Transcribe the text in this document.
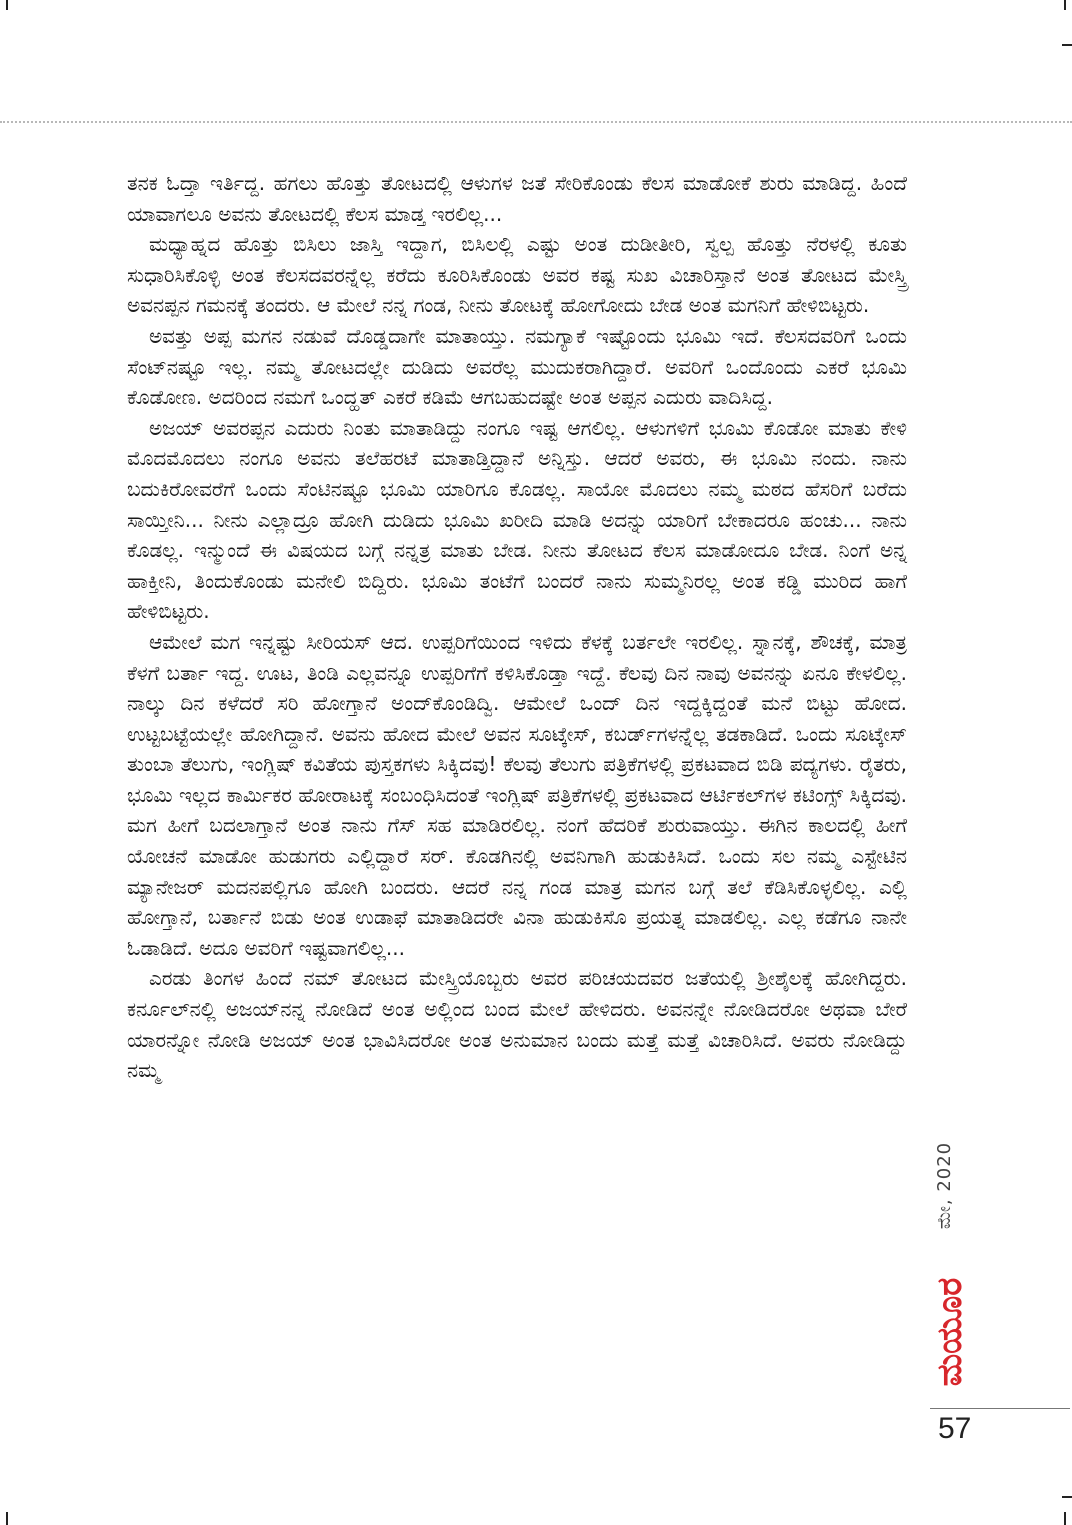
ತನಕ ಓದ್ತಾ ಇರ್ತಿದ್ದ. ಹಗಲು ಹೊತ್ತು ತೋಟದಲ್ಲಿ ಆಳುಗಳ ಜತೆ ಸೇರಿಕೊಂಡು ಕೆಲಸ ಮಾಡೋಕೆ ಶುರು ಮಾಡಿದ್ದ. ಹಿಂದೆ ಯಾವಾಗಲೂ ಅವನು ತೋಟದಲ್ಲಿ ಕೆಲಸ ಮಾಡ್ತ ಇರಲಿಲ್ಲ...

ಮಧ್ಯಾಹ್ನದ ಹೊತ್ತು ಬಿಸಿಲು ಜಾಸ್ತಿ ಇದ್ದಾಗ, ಬಿಸಿಲಲ್ಲಿ ಎಷ್ಟು ಅಂತ ದುಡೀತೀರಿ, ಸ್ವಲ್ಪ ಹೊತ್ತು ನೆರಳಲ್ಲಿ ಕೂತು ಸುಧಾರಿಸಿಕೊಳ್ಳಿ ಅಂತ ಕೆಲಸದವರನ್ನೆಲ್ಲ ಕರೆದು ಕೂರಿಸಿಕೊಂಡು ಅವರ ಕಷ್ಟ ಸುಖ ವಿಚಾರಿಸ್ತಾನೆ ಅಂತ ತೋಟದ ಮೇಸ್ತ್ರಿ ಅವನಪ್ಪನ ಗಮನಕ್ಕೆ ತಂದರು. ಆ ಮೇಲೆ ನನ್ನ ಗಂಡ, ನೀನು ತೋಟಕ್ಕೆ ಹೋಗೋದು ಬೇಡ ಅಂತ ಮಗನಿಗೆ ಹೇಳಿಬಿಟ್ಟರು.

ಅವತ್ತು ಅಪ್ಪ ಮಗನ ನಡುವೆ ದೊಡ್ಡದಾಗೇ ಮಾತಾಯ್ತು. ನಮಗ್ಯಾಕೆ ಇಷ್ಟೊಂದು ಭೂಮಿ ಇದೆ. ಕೆಲಸದವರಿಗೆ ಒಂದು ಸೆಂಟ್‌ನಷ್ಟೂ ಇಲ್ಲ. ನಮ್ಮ ತೋಟದಲ್ಲೇ ದುಡಿದು ಅವರೆಲ್ಲ ಮುದುಕರಾಗಿದ್ದಾರೆ. ಅವರಿಗೆ ಒಂದೊಂದು ಎಕರೆ ಭೂಮಿ ಕೊಡೋಣ. ಅದರಿಂದ ನಮಗೆ ಒಂದ್ಹತ್ ಎಕರೆ ಕಡಿಮೆ ಆಗಬಹುದಷ್ಟೇ ಅಂತ ಅಪ್ಪನ ಎದುರು ವಾದಿಸಿದ್ದ.

ಅಜಯ್ ಅವರಪ್ಪನ ಎದುರು ನಿಂತು ಮಾತಾಡಿದ್ದು ನಂಗೂ ಇಷ್ಟ ಆಗಲಿಲ್ಲ. ಆಳುಗಳಿಗೆ ಭೂಮಿ ಕೊಡೋ ಮಾತು ಕೇಳಿ ಮೊದಮೊದಲು ನಂಗೂ ಅವನು ತಲೆಹರಟೆ ಮಾತಾಡ್ತಿದ್ದಾನೆ ಅನ್ನಿಸ್ತು. ಆದರೆ ಅವರು, ಈ ಭೂಮಿ ನಂದು. ನಾನು ಬದುಕಿರೋವರೆಗೆ ಒಂದು ಸೆಂಟಿನಷ್ಟೂ ಭೂಮಿ ಯಾರಿಗೂ ಕೊಡಲ್ಲ. ಸಾಯೋ ಮೊದಲು ನಮ್ಮ ಮಠದ ಹೆಸರಿಗೆ ಬರೆದು ಸಾಯ್ತೀನಿ... ನೀನು ಎಲ್ಲಾದ್ರೂ ಹೋಗಿ ದುಡಿದು ಭೂಮಿ ಖರೀದಿ ಮಾಡಿ ಅದನ್ನು ಯಾರಿಗೆ ಬೇಕಾದರೂ ಹಂಚು... ನಾನು ಕೊಡಲ್ಲ. ಇನ್ಮುಂದೆ ಈ ವಿಷಯದ ಬಗ್ಗೆ ನನ್ನತ್ರ ಮಾತು ಬೇಡ. ನೀನು ತೋಟದ ಕೆಲಸ ಮಾಡೋದೂ ಬೇಡ. ನಿಂಗೆ ಅನ್ನ ಹಾಕ್ತೀನಿ, ತಿಂದುಕೊಂಡು ಮನೇಲಿ ಬಿದ್ದಿರು. ಭೂಮಿ ತಂಟೆಗೆ ಬಂದರೆ ನಾನು ಸುಮ್ಮನಿರಲ್ಲ ಅಂತ ಕಡ್ಡಿ ಮುರಿದ ಹಾಗೆ ಹೇಳಿಬಿಟ್ಟರು.

ಆಮೇಲೆ ಮಗ ಇನ್ನಷ್ಟು ಸೀರಿಯಸ್ ಆದ. ಉಪ್ಪರಿಗೆಯಿಂದ ಇಳಿದು ಕೆಳಕ್ಕೆ ಬರ್ತಲೇ ಇರಲಿಲ್ಲ. ಸ್ನಾನಕ್ಕೆ, ಶೌಚಕ್ಕೆ, ಮಾತ್ರ ಕೆಳಗೆ ಬರ್ತಾ ಇದ್ದ. ಊಟ, ತಿಂಡಿ ಎಲ್ಲವನ್ನೂ ಉಪ್ಪರಿಗೆಗೆ ಕಳಿಸಿಕೊಡ್ತಾ ಇದ್ದೆ. ಕೆಲವು ದಿನ ನಾವು ಅವನನ್ನು ಏನೂ ಕೇಳಲಿಲ್ಲ. ನಾಲ್ಕು ದಿನ ಕಳೆದರೆ ಸರಿ ಹೋಗ್ತಾನೆ ಅಂದ್‌ಕೊಂಡಿದ್ವಿ. ಆಮೇಲೆ ಒಂದ್ ದಿನ ಇದ್ದಕ್ಕಿದ್ದಂತೆ ಮನೆ ಬಿಟ್ಟು ಹೋದ. ಉಟ್ಟಬಟ್ಟೆಯಲ್ಲೇ ಹೋಗಿದ್ದಾನೆ. ಅವನು ಹೋದ ಮೇಲೆ ಅವನ ಸೂಟ್ಕೇಸ್, ಕಬರ್ಡ್‌ಗಳನ್ನೆಲ್ಲ ತಡಕಾಡಿದೆ. ಒಂದು ಸೂಟ್ಕೇಸ್ ತುಂಬಾ ತೆಲುಗು, ಇಂಗ್ಲಿಷ್ ಕವಿತೆಯ ಪುಸ್ತಕಗಳು ಸಿಕ್ಕಿದವು! ಕೆಲವು ತೆಲುಗು ಪತ್ರಿಕೆಗಳಲ್ಲಿ ಪ್ರಕಟವಾದ ಬಿಡಿ ಪದ್ಯಗಳು. ರೈತರು, ಭೂಮಿ ಇಲ್ಲದ ಕಾರ್ಮಿಕರ ಹೋರಾಟಕ್ಕೆ ಸಂಬಂಧಿಸಿದಂತೆ ಇಂಗ್ಲಿಷ್ ಪತ್ರಿಕೆಗಳಲ್ಲಿ ಪ್ರಕಟವಾದ ಆರ್ಟಿಕಲ್‌ಗಳ ಕಟಿಂಗ್ಸ್ ಸಿಕ್ಕಿದವು. ಮಗ ಹೀಗೆ ಬದಲಾಗ್ತಾನೆ ಅಂತ ನಾನು ಗೆಸ್ ಸಹ ಮಾಡಿರಲಿಲ್ಲ. ನಂಗೆ ಹೆದರಿಕೆ ಶುರುವಾಯ್ತು. ಈಗಿನ ಕಾಲದಲ್ಲಿ ಹೀಗೆ ಯೋಚನೆ ಮಾಡೋ ಹುಡುಗರು ಎಲ್ಲಿದ್ದಾರೆ ಸರ್. ಕೊಡಗಿನಲ್ಲಿ ಅವನಿಗಾಗಿ ಹುಡುಕಿಸಿದೆ. ಒಂದು ಸಲ ನಮ್ಮ ಎಸ್ಟೇಟಿನ ಮ್ಯಾನೇಜರ್ ಮದನಪಲ್ಲಿಗೂ ಹೋಗಿ ಬಂದರು. ಆದರೆ ನನ್ನ ಗಂಡ ಮಾತ್ರ ಮಗನ ಬಗ್ಗೆ ತಲೆ ಕೆಡಿಸಿಕೊಳ್ಳಲಿಲ್ಲ. ಎಲ್ಲಿ ಹೋಗ್ತಾನೆ, ಬರ್ತಾನೆ ಬಿಡು ಅಂತ ಉಡಾಫೆ ಮಾತಾಡಿದರೇ ವಿನಾ ಹುಡುಕಿಸೊ ಪ್ರಯತ್ನ ಮಾಡಲಿಲ್ಲ. ಎಲ್ಲ ಕಡೆಗೂ ನಾನೇ ಓಡಾಡಿದೆ. ಅದೂ ಅವರಿಗೆ ಇಷ್ಟವಾಗಲಿಲ್ಲ...

ಎರಡು ತಿಂಗಳ ಹಿಂದೆ ನಮ್ ತೋಟದ ಮೇಸ್ತ್ರಿಯೊಬ್ಬರು ಅವರ ಪರಿಚಯದವರ ಜತೆಯಲ್ಲಿ ಶ್ರೀಶೈಲಕ್ಕೆ ಹೋಗಿದ್ದರು. ಕರ್ನೂಲ್‌ನಲ್ಲಿ ಅಜಯ್‌ನನ್ನ ನೋಡಿದೆ ಅಂತ ಅಲ್ಲಿಂದ ಬಂದ ಮೇಲೆ ಹೇಳಿದರು. ಅವನನ್ನೇ ನೋಡಿದರೋ ಅಥವಾ ಬೇರೆ ಯಾರನ್ನೋ ನೋಡಿ ಅಜಯ್ ಅಂತ ಭಾವಿಸಿದರೋ ಅಂತ ಅನುಮಾನ ಬಂದು ಮತ್ತೆ ಮತ್ತೆ ವಿಚಾರಿಸಿದೆ. ಅವರು ನೋಡಿದ್ದು ನಮ್ಮ

ಮೇ, 2020
ಮಯೂರ
57
